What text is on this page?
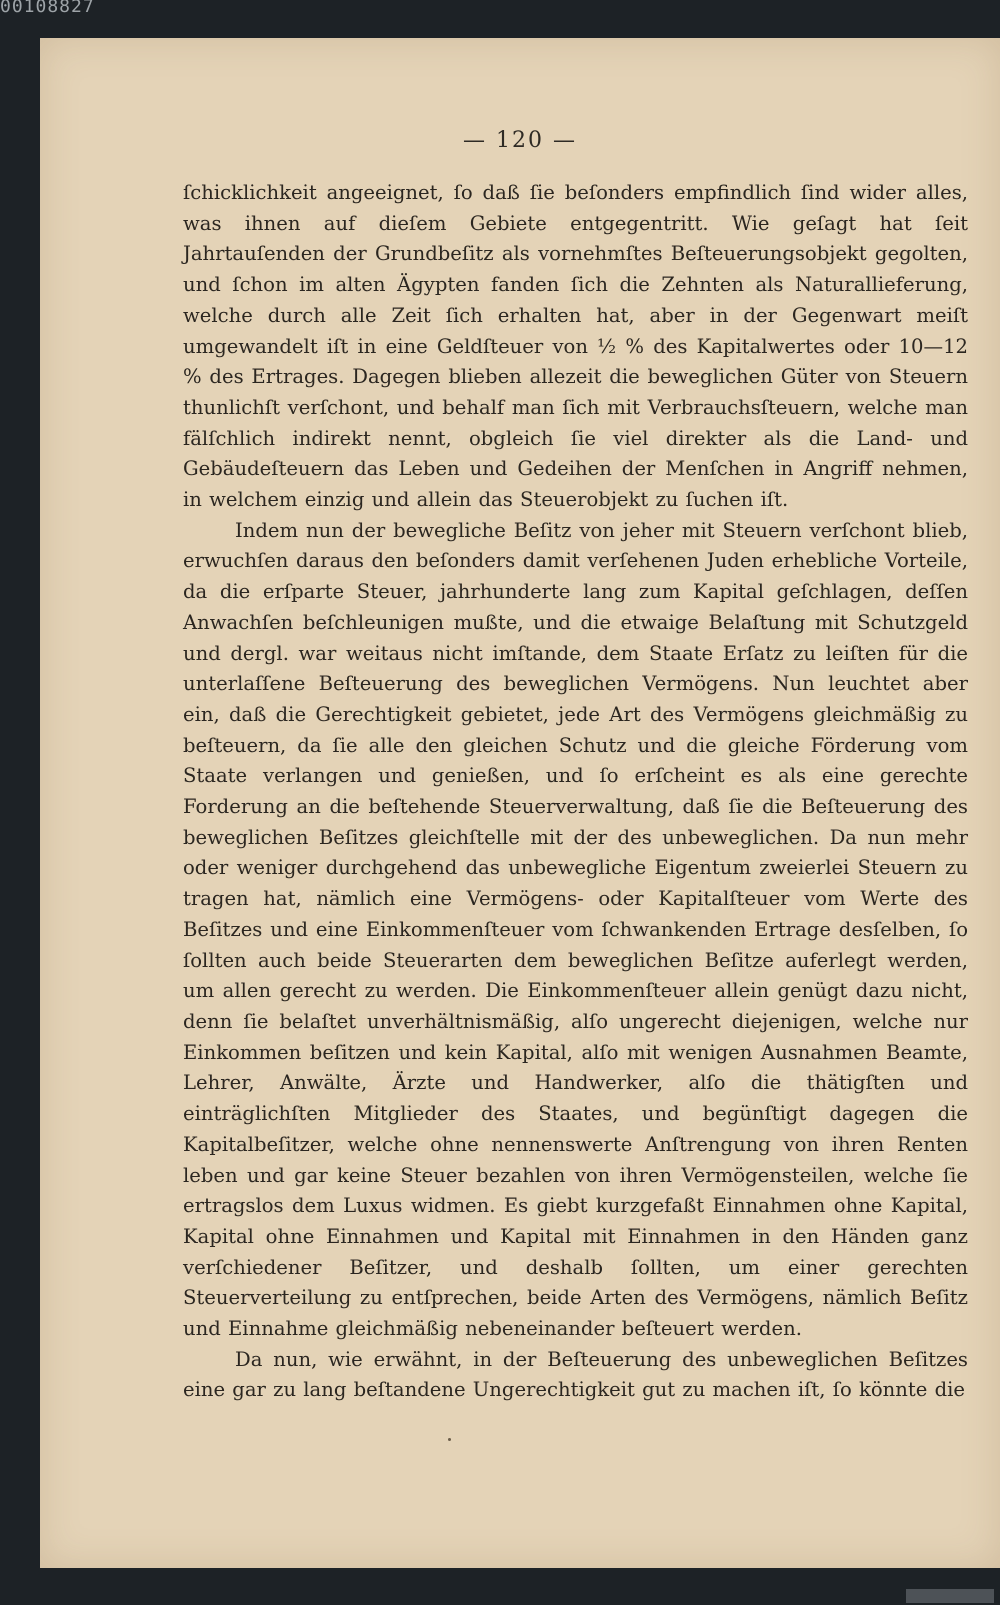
00108827
— 120 —

ſchicklichkeit angeeignet, ſo daß ſie beſonders empfindlich ſind wider alles, was ihnen auf dieſem Gebiete entgegentritt. Wie geſagt hat ſeit Jahrtauſenden der Grundbeſitz als vornehmſtes Beſteuerungsobjekt gegolten, und ſchon im alten Ägypten fanden ſich die Zehnten als Naturallieferung, welche durch alle Zeit ſich erhalten hat, aber in der Gegenwart meiſt umgewandelt iſt in eine Geldſteuer von ½ % des Kapitalwertes oder 10—12 % des Ertrages. Dagegen blieben allezeit die beweglichen Güter von Steuern thunlichſt verſchont, und behalf man ſich mit Verbrauchsſteuern, welche man fälſchlich indirekt nennt, obgleich ſie viel direkter als die Land- und Gebäudeſteuern das Leben und Gedeihen der Menſchen in Angriff nehmen, in welchem einzig und allein das Steuerobjekt zu ſuchen iſt.

Indem nun der bewegliche Beſitz von jeher mit Steuern verſchont blieb, erwuchſen daraus den beſonders damit verſehenen Juden erhebliche Vorteile, da die erſparte Steuer, jahrhunderte lang zum Kapital geſchlagen, deſſen Anwachſen beſchleunigen mußte, und die etwaige Belaſtung mit Schutzgeld und dergl. war weitaus nicht imſtande, dem Staate Erſatz zu leiſten für die unterlaſſene Beſteuerung des beweglichen Vermögens. Nun leuchtet aber ein, daß die Gerechtigkeit gebietet, jede Art des Vermögens gleichmäßig zu beſteuern, da ſie alle den gleichen Schutz und die gleiche Förderung vom Staate verlangen und genießen, und ſo erſcheint es als eine gerechte Forderung an die beſtehende Steuerverwaltung, daß ſie die Beſteuerung des beweglichen Beſitzes gleichſtelle mit der des unbeweglichen. Da nun mehr oder weniger durchgehend das unbewegliche Eigentum zweierlei Steuern zu tragen hat, nämlich eine Vermögens- oder Kapitalſteuer vom Werte des Beſitzes und eine Einkommenſteuer vom ſchwankenden Ertrage desſelben, ſo ſollten auch beide Steuerarten dem beweglichen Beſitze auferlegt werden, um allen gerecht zu werden. Die Einkommenſteuer allein genügt dazu nicht, denn ſie belaſtet unverhältnismäßig, alſo ungerecht diejenigen, welche nur Einkommen beſitzen und kein Kapital, alſo mit wenigen Ausnahmen Beamte, Lehrer, Anwälte, Ärzte und Handwerker, alſo die thätigſten und einträglichſten Mitglieder des Staates, und begünſtigt dagegen die Kapitalbeſitzer, welche ohne nennenswerte Anſtrengung von ihren Renten leben und gar keine Steuer bezahlen von ihren Vermögensteilen, welche ſie ertragslos dem Luxus widmen. Es giebt kurzgefaßt Einnahmen ohne Kapital, Kapital ohne Einnahmen und Kapital mit Einnahmen in den Händen ganz verſchiedener Beſitzer, und deshalb ſollten, um einer gerechten Steuerverteilung zu entſprechen, beide Arten des Vermögens, nämlich Beſitz und Einnahme gleichmäßig nebeneinander beſteuert werden.

Da nun, wie erwähnt, in der Beſteuerung des unbeweglichen Beſitzes eine gar zu lang beſtandene Ungerechtigkeit gut zu machen iſt, ſo könnte die
